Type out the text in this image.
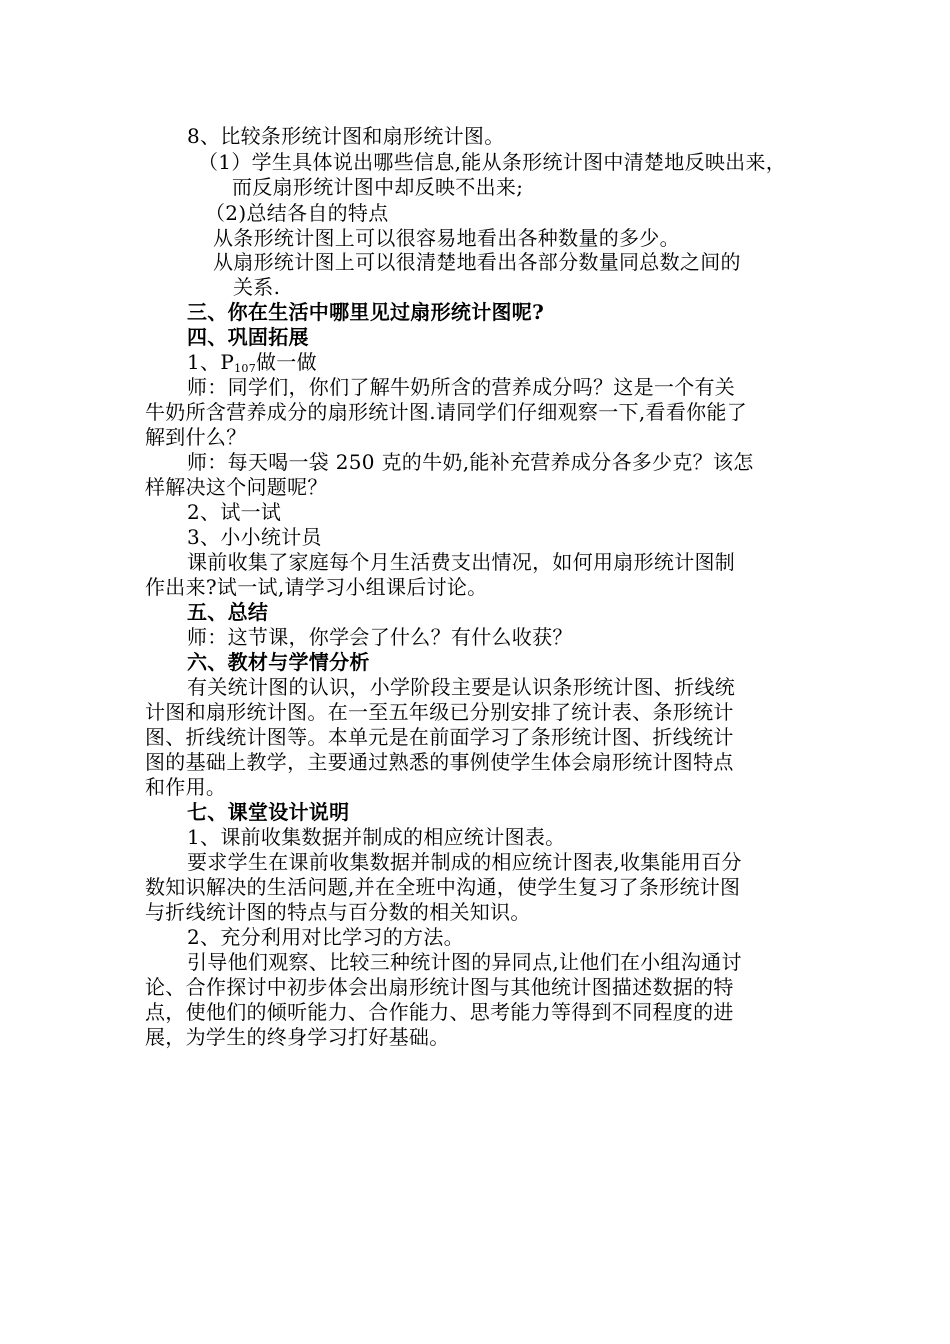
8、比较条形统计图和扇形统计图。
（1）学生具体说出哪些信息,能从条形统计图中清楚地反映出来，
而反扇形统计图中却反映不出来;
（2)总结各自的特点
从条形统计图上可以很容易地看出各种数量的多少。
从扇形统计图上可以很清楚地看出各部分数量同总数之间的
关系.
三、你在生活中哪里见过扇形统计图呢?
四、巩固拓展
1、$P_{107}$做一做
师：同学们，你们了解牛奶所含的营养成分吗？这是一个有关
牛奶所含营养成分的扇形统计图.请同学们仔细观察一下,看看你能了
解到什么？
师：每天喝一袋 250 克的牛奶,能补充营养成分各多少克？该怎
样解决这个问题呢？
2、试一试
3、小小统计员
课前收集了家庭每个月生活费支出情况，如何用扇形统计图制
作出来?试一试,请学习小组课后讨论。
五、总结
师：这节课，你学会了什么？有什么收获？
六、教材与学情分析
有关统计图的认识，小学阶段主要是认识条形统计图、折线统
计图和扇形统计图。在一至五年级已分别安排了统计表、条形统计
图、折线统计图等。本单元是在前面学习了条形统计图、折线统计
图的基础上教学，主要通过熟悉的事例使学生体会扇形统计图特点
和作用。
七、课堂设计说明
1、课前收集数据并制成的相应统计图表。
要求学生在课前收集数据并制成的相应统计图表,收集能用百分
数知识解决的生活问题,并在全班中沟通，使学生复习了条形统计图
与折线统计图的特点与百分数的相关知识。
2、充分利用对比学习的方法。
引导他们观察、比较三种统计图的异同点,让他们在小组沟通讨
论、合作探讨中初步体会出扇形统计图与其他统计图描述数据的特
点，使他们的倾听能力、合作能力、思考能力等得到不同程度的进
展，为学生的终身学习打好基础。
